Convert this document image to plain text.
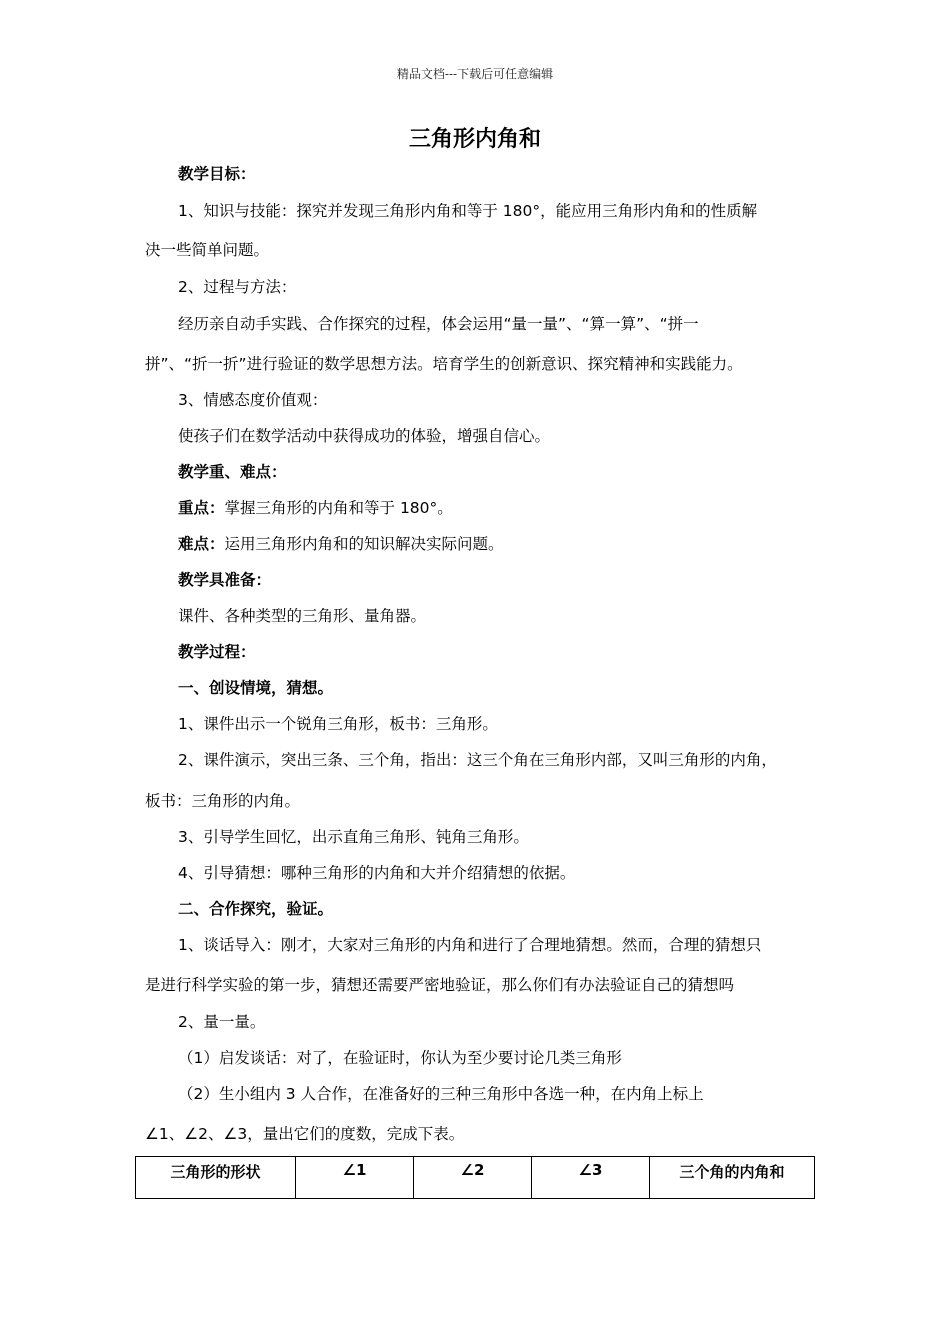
精品文档---下载后可任意编辑
三角形内角和
教学目标：
1、知识与技能：探究并发现三角形内角和等于 180°，能应用三角形内角和的性质解
决一些简单问题。
2、过程与方法：
经历亲自动手实践、合作探究的过程，体会运用“量一量”、“算一算”、“拼一
拼”、“折一折”进行验证的数学思想方法。培育学生的创新意识、探究精神和实践能力。
3、情感态度价值观：
使孩子们在数学活动中获得成功的体验，增强自信心。
教学重、难点：
重点：掌握三角形的内角和等于 180°。
难点：运用三角形内角和的知识解决实际问题。
教学具准备：
课件、各种类型的三角形、量角器。
教学过程：
一、创设情境，猜想。
1、课件出示一个锐角三角形，板书：三角形。
2、课件演示，突出三条、三个角，指出：这三个角在三角形内部，又叫三角形的内角，
板书：三角形的内角。
3、引导学生回忆，出示直角三角形、钝角三角形。
4、引导猜想：哪种三角形的内角和大并介绍猜想的依据。
二、合作探究，验证。
1、谈话导入：刚才，大家对三角形的内角和进行了合理地猜想。然而，合理的猜想只
是进行科学实验的第一步，猜想还需要严密地验证，那么你们有办法验证自己的猜想吗
2、量一量。
（1）启发谈话：对了，在验证时，你认为至少要讨论几类三角形
（2）生小组内 3 人合作，在准备好的三种三角形中各选一种，在内角上标上
∠1、∠2、∠3，量出它们的度数，完成下表。
三角形的形状	∠1	∠2	∠3	三个角的内角和
